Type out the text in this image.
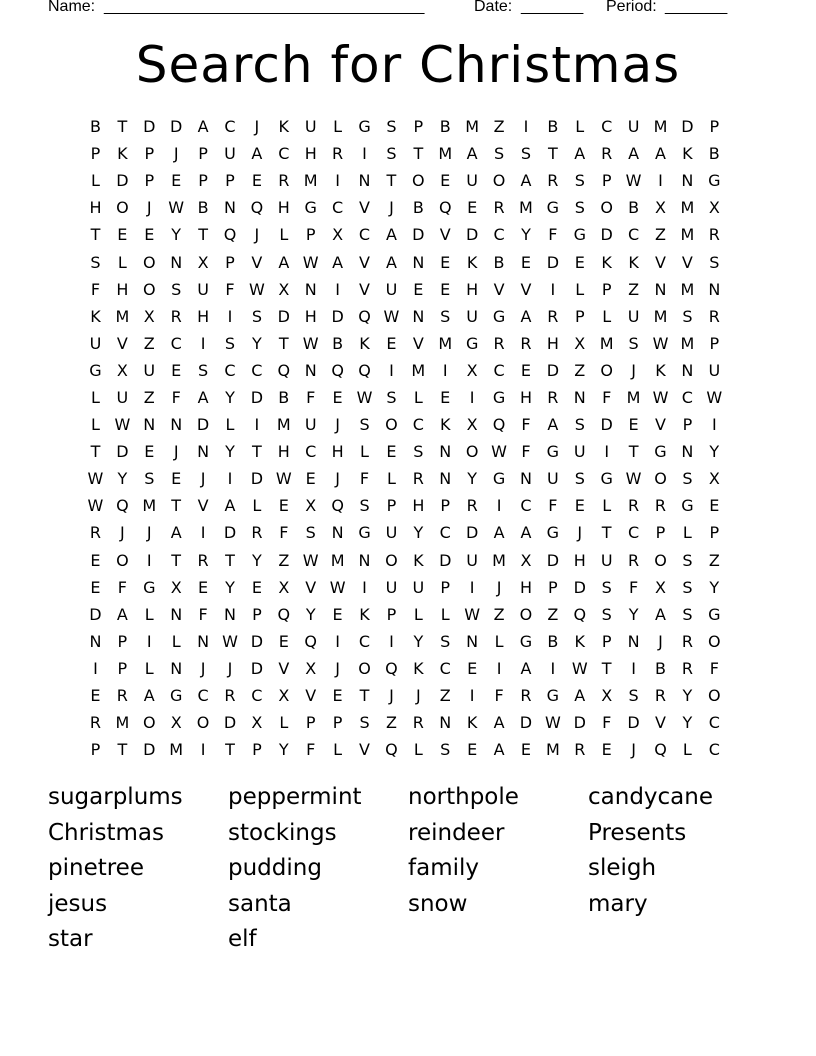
Name: ____________________________________	Date: _______ Period: _______
Search for Christmas
B	T D D A C	J	K U	L	G S	P	B M Z	I	B	L	C U M D P
P	K	P	J	P	U A C H R	I	S	T M A	S	S	T	A R A A	K	B
L	D P	E	P	P	E	R M	I	N	T O E	U O A R	S	P W	I	N G
H O	J	W B N Q H G C V	J	B Q E	R M G S O B X M X
T	E	E	Y	T Q	J	L	P	X C A D V D C	Y	F	G D C Z M R
S	L	O N X	P	V A W A V A N E	K	B	E D E	K	K	V V	S
F	H O S U	F W X N	I	V U E	E H V V	I	L	P	Z N M N
K M X R H	I	S D H D Q W N S U G A R	P	L	U M S	R
U V Z C	I	S	Y	T W B	K	E	V M G R R H X M S W M P
G X U E	S	C C Q N Q Q	I	M	I	X C	E D Z O	J	K N U
L	U Z	F	A	Y D B	F	E W S	L	E	I	G H R N	F M W C W
L W N N D	L	I	M U	J	S O C	K	X Q	F	A	S D E	V	P	I
T D E	J	N	Y	T	H C H	L	E	S N O W F	G U	I	T G N	Y
W Y	S	E	J	I	D W E	J	F	L	R N	Y G N U S G W O S	X
W Q M T	V A	L	E	X Q S	P	H	P	R	I	C	F	E	L	R R G E
R	J	J	A	I	D R	F	S N G U	Y	C D A A G	J	T	C	P	L	P
E O	I	T	R	T	Y	Z W M N O K D U M X D H U R O S	Z
E	F	G X	E	Y	E	X V W	I	U U	P	I	J	H	P D S	F	X	S	Y
D A	L	N	F	N	P Q Y	E	K	P	L	L W Z O Z Q S	Y	A	S G
N	P	I	L	N W D E Q	I	C	I	Y	S N	L	G B	K	P	N	J	R O
I	P	L	N	J	J	D V X	J	O Q K	C	E	I	A	I	W T	I	B R	F
E	R A G C R C X V	E	T	J	J	Z	I	F	R G A X	S	R	Y O
R M O X O D X	L	P	P	S	Z R N K	A D W D	F	D V	Y	C
P	T D M	I	T	P	Y	F	L	V Q	L	S	E	A	E M R	E	J	Q	L	C
sugarplums	peppermint	northpole	candycane
Christmas	stockings	reindeer	Presents
pinetree	pudding	family	sleigh
jesus	santa	snow	mary
star	elf
